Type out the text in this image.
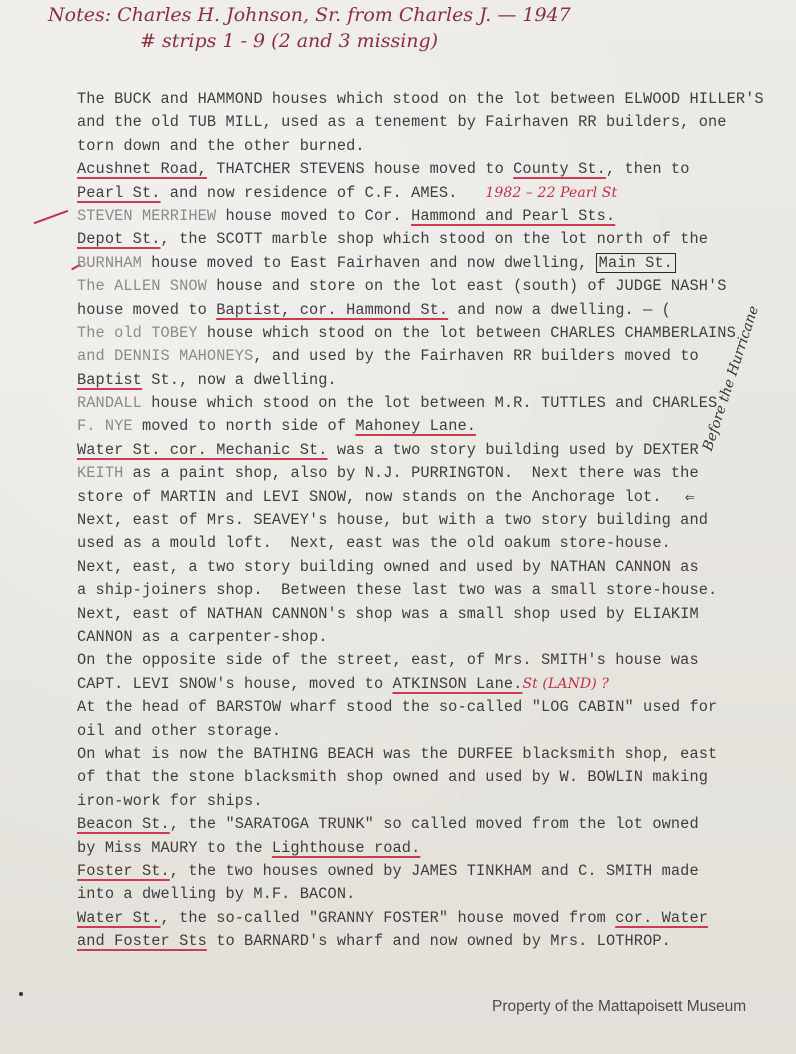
Notes: Charles H. Johnson, Sr. from Charles J. — 1947
# strips 1 - 9 (2 and 3 missing)
The BUCK and HAMMOND houses which stood on the lot between ELWOOD HILLER'S
and the old TUB MILL, used as a tenement by Fairhaven RR builders, one
torn down and the other burned.
Acushnet Road, THATCHER STEVENS house moved to County St., then to
Pearl St. and now residence of C.F. AMES. 1982 – 22 Pearl St
STEVEN MERRIHEW house moved to Cor. Hammond and Pearl Sts.
Depot St., the SCOTT marble shop which stood on the lot north of the
BURNHAM house moved to East Fairhaven and now dwelling, Main St.
The ALLEN SNOW house and store on the lot east (south) of JUDGE NASH'S
house moved to Baptist, cor. Hammond St. and now a dwelling. — (
The old TOBEY house which stood on the lot between CHARLES CHAMBERLAINS
and DENNIS MAHONEYS, and used by the Fairhaven RR builders moved to
Baptist St., now a dwelling.
RANDALL house which stood on the lot between M.R. TUTTLES and CHARLES
F. NYE moved to north side of Mahoney Lane.
Water St. cor. Mechanic St. was a two story building used by DEXTER
KEITH as a paint shop, also by N.J. PURRINGTON.  Next there was the
store of MARTIN and LEVI SNOW, now stands on the Anchorage lot.
Next, east of Mrs. SEAVEY's house, but with a two story building and
used as a mould loft.  Next, east was the old oakum store-house.
Next, east, a two story building owned and used by NATHAN CANNON as
a ship-joiners shop.  Between these last two was a small store-house.
Next, east of NATHAN CANNON's shop was a small shop used by ELIAKIM
CANNON as a carpenter-shop.
On the opposite side of the street, east, of Mrs. SMITH's house was
CAPT. LEVI SNOW's house, moved to ATKINSON Lane.St (LAND) ?
At the head of BARSTOW wharf stood the so-called "LOG CABIN" used for
oil and other storage.
On what is now the BATHING BEACH was the DURFEE blacksmith shop, east
of that the stone blacksmith shop owned and used by W. BOWLIN making
iron-work for ships.
Beacon St., the "SARATOGA TRUNK" so called moved from the lot owned
by Miss MAURY to the Lighthouse road.
Foster St., the two houses owned by JAMES TINKHAM and C. SMITH made
into a dwelling by M.F. BACON.
Water St., the so-called "GRANNY FOSTER" house moved from cor. Water
and Foster Sts to BARNARD's wharf and now owned by Mrs. LOTHROP.
⇐
Before the Hurricane
Property of the Mattapoisett Museum
